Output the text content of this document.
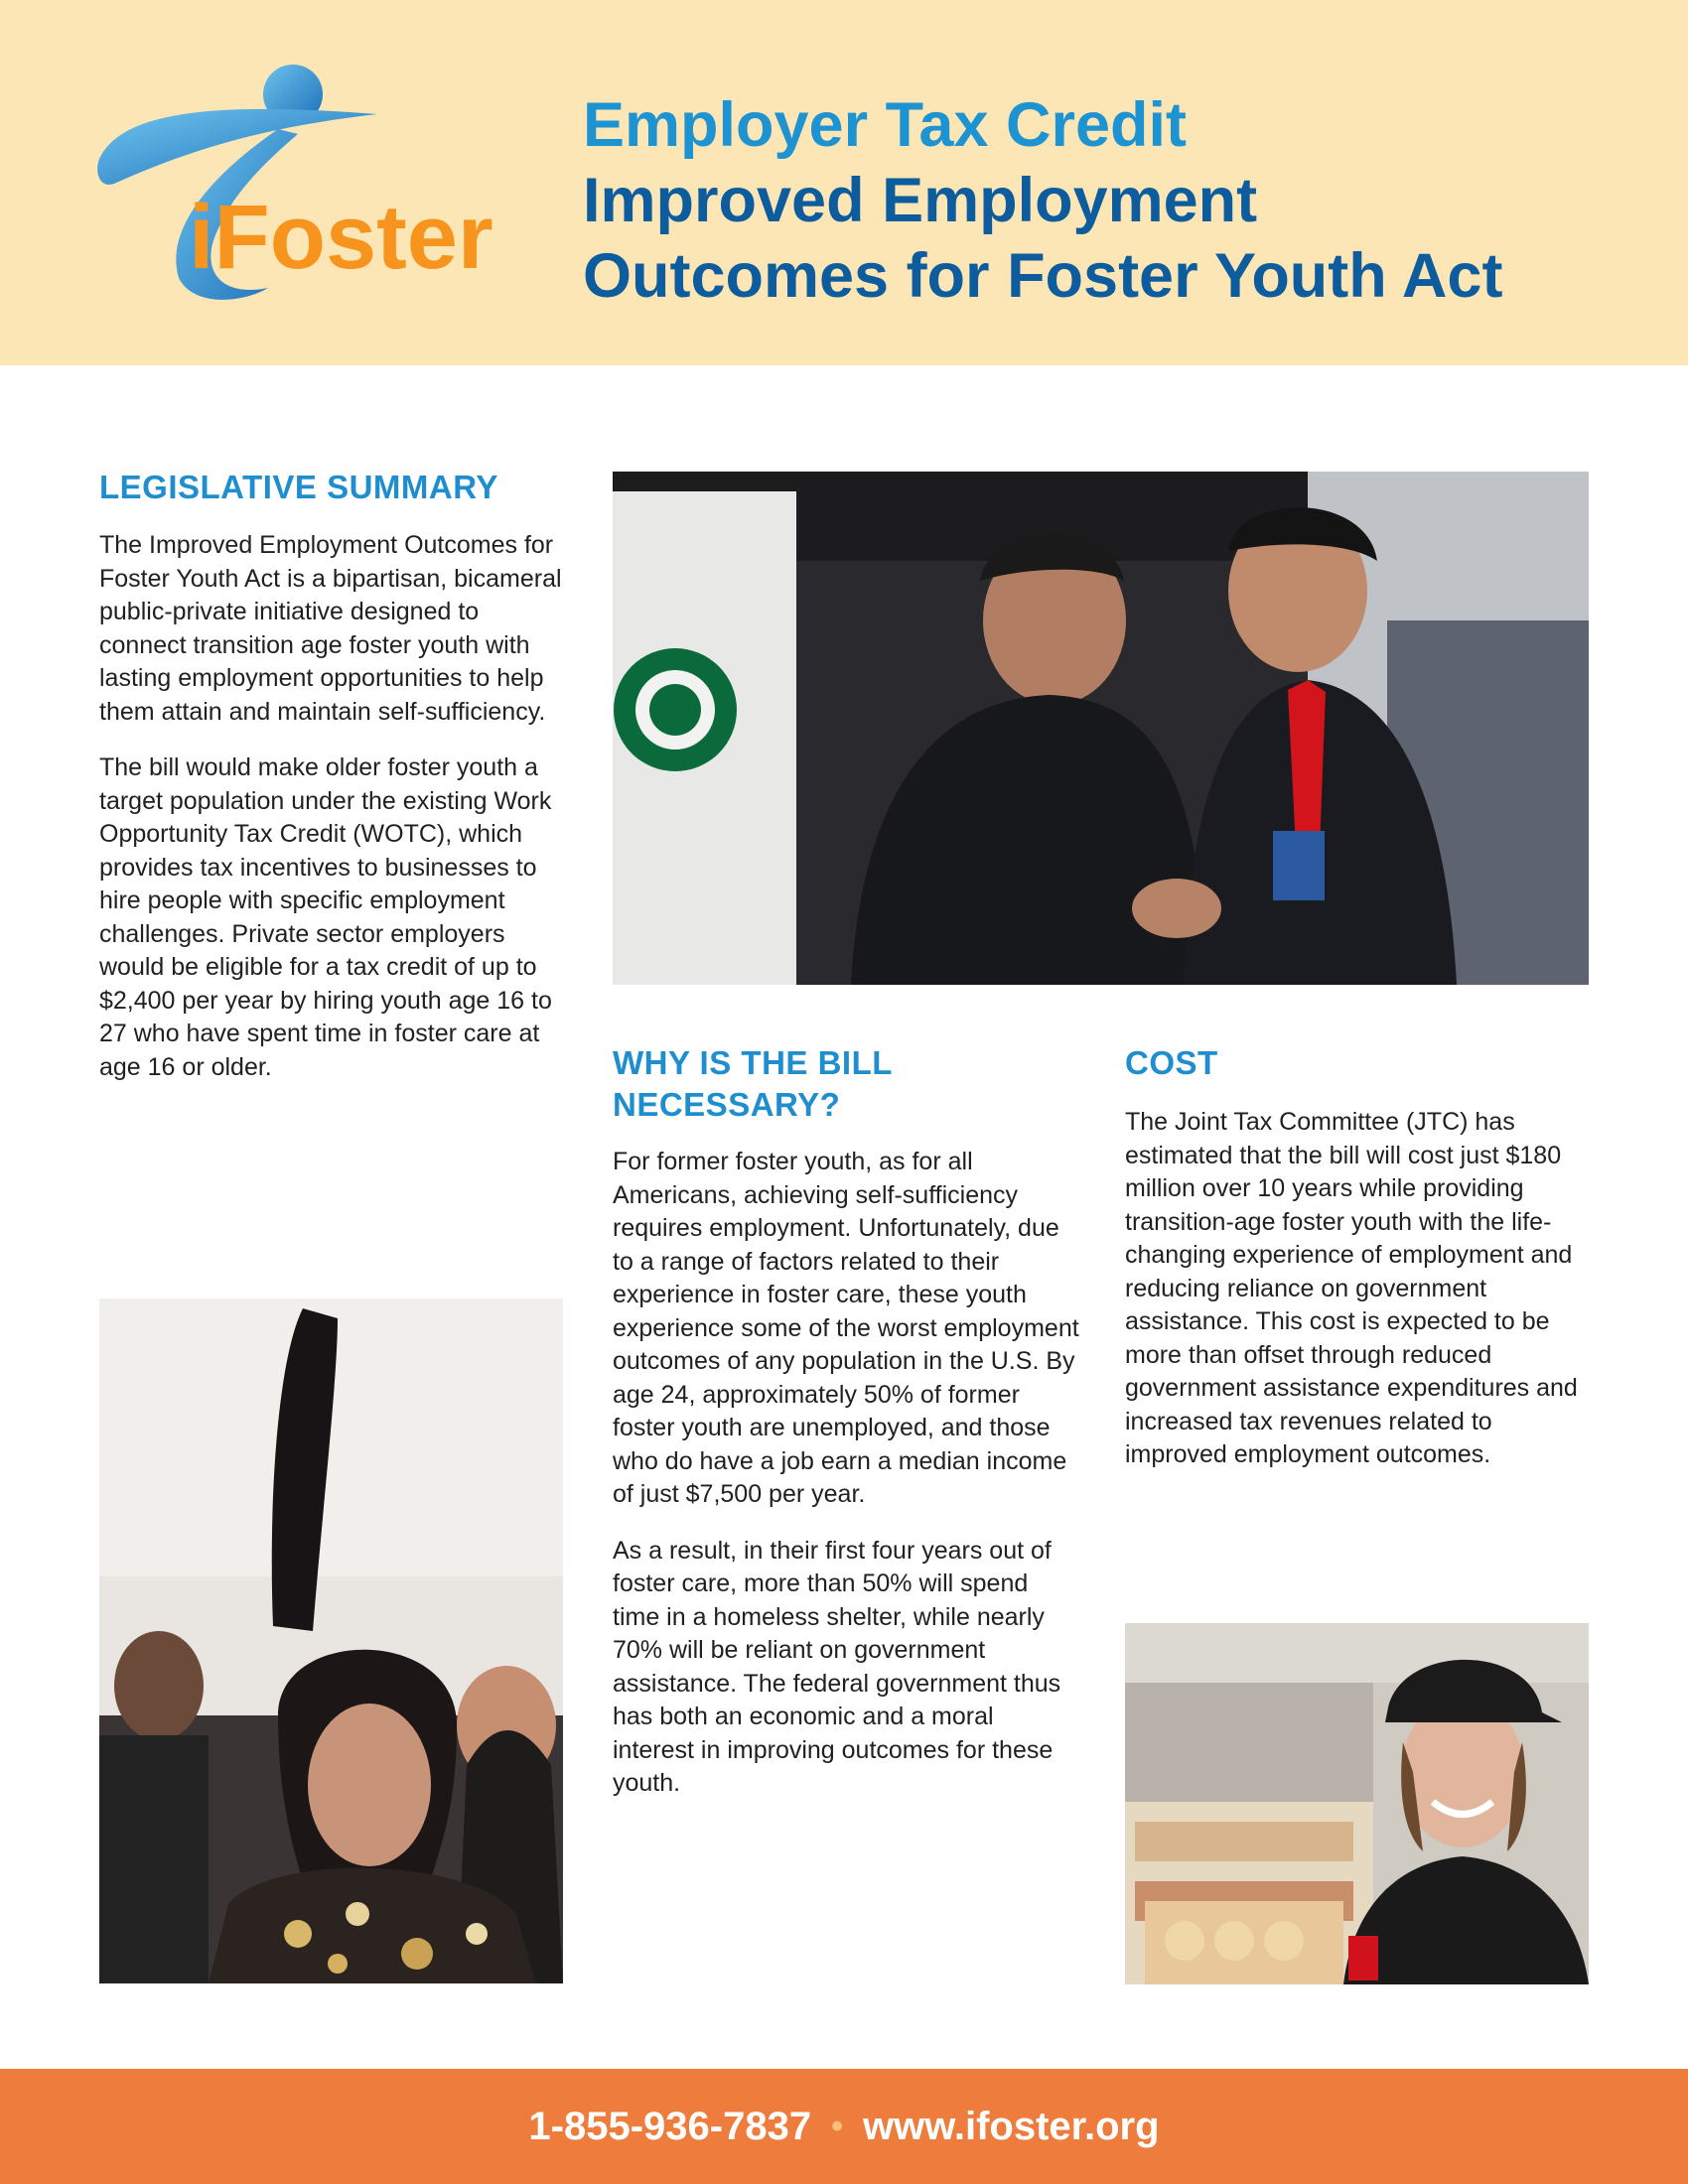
iFoster
Employer Tax Credit
Improved Employment
Outcomes for Foster Youth Act
LEGISLATIVE SUMMARY

The Improved Employment Outcomes for Foster Youth Act is a bipartisan, bicameral public-private initiative designed to connect transition age foster youth with lasting employment opportunities to help them attain and maintain self-sufficiency.

The bill would make older foster youth a target population under the existing Work Opportunity Tax Credit (WOTC), which provides tax incentives to businesses to hire people with specific employment challenges. Private sector employers would be eligible for a tax credit of up to $2,400 per year by hiring youth age 16 to 27 who have spent time in foster care at age 16 or older.	WHY IS THE BILL
NECESSARY?

For former foster youth, as for all Americans, achieving self-sufficiency requires employment. Unfortunately, due to a range of factors related to their experience in foster care, these youth experience some of the worst employment outcomes of any population in the U.S. By age 24, approximately 50% of former foster youth are unemployed, and those who do have a job earn a median income of just $7,500 per year.

As a result, in their first four years out of foster care, more than 50% will spend time in a homeless shelter, while nearly 70% will be reliant on government assistance. The federal government thus has both an economic and a moral interest in improving outcomes for these youth.

COST

The Joint Tax Committee (JTC) has estimated that the bill will cost just $180 million over 10 years while providing transition-age foster youth with the life-changing experience of employment and reducing reliance on government assistance. This cost is expected to be more than offset through reduced government assistance expenditures and increased tax revenues related to improved employment outcomes.

1-855-936-7837 • www.ifoster.org
